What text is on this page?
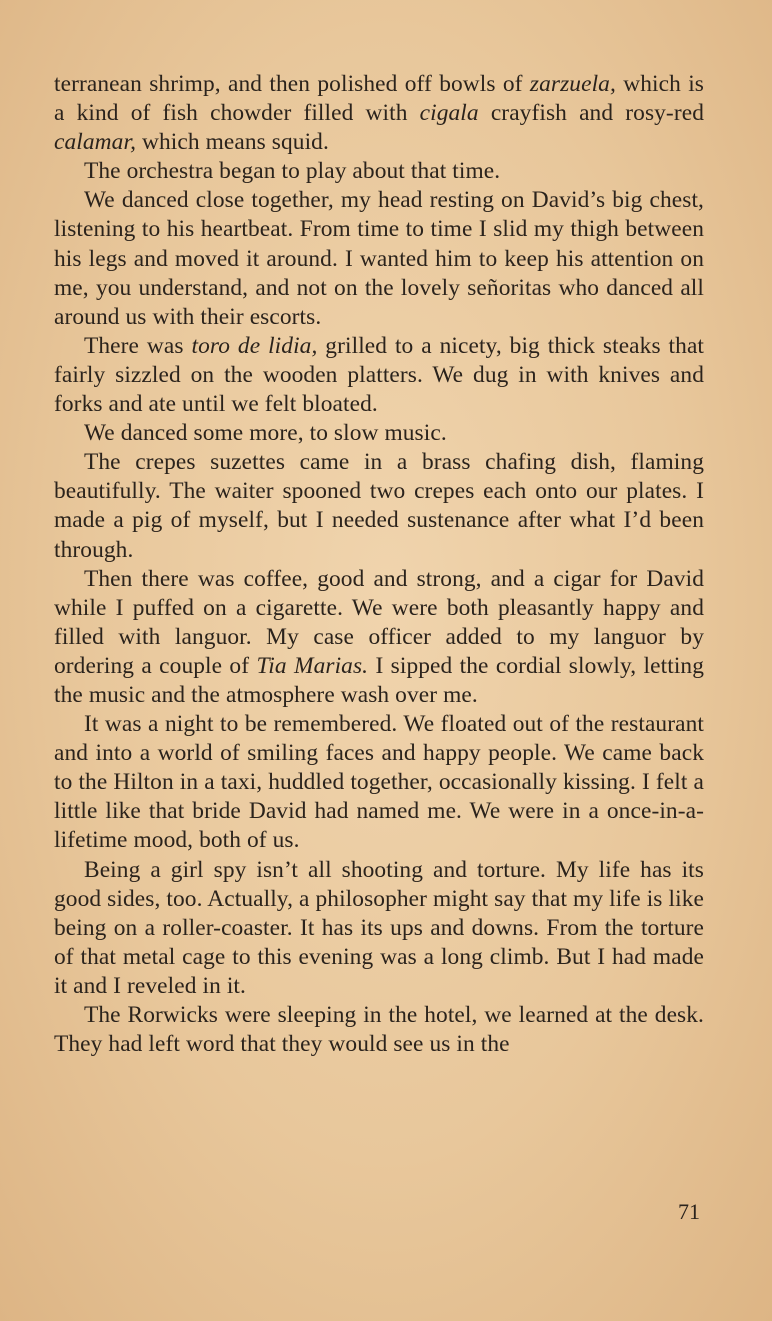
terranean shrimp, and then polished off bowls of zarzuela, which is a kind of fish chowder filled with cigala crayfish and rosy-red calamar, which means squid.

The orchestra began to play about that time.

We danced close together, my head resting on David’s big chest, listening to his heartbeat. From time to time I slid my thigh between his legs and moved it around. I wanted him to keep his attention on me, you understand, and not on the lovely señoritas who danced all around us with their escorts.

There was toro de lidia, grilled to a nicety, big thick steaks that fairly sizzled on the wooden platters. We dug in with knives and forks and ate until we felt bloated.

We danced some more, to slow music.

The crepes suzettes came in a brass chafing dish, flaming beautifully. The waiter spooned two crepes each onto our plates. I made a pig of myself, but I needed sustenance after what I’d been through.

Then there was coffee, good and strong, and a cigar for David while I puffed on a cigarette. We were both pleasantly happy and filled with languor. My case officer added to my languor by ordering a couple of Tia Marias. I sipped the cordial slowly, letting the music and the atmosphere wash over me.

It was a night to be remembered. We floated out of the restaurant and into a world of smiling faces and happy people. We came back to the Hilton in a taxi, huddled together, occasionally kissing. I felt a little like that bride David had named me. We were in a once-in-a-lifetime mood, both of us.

Being a girl spy isn’t all shooting and torture. My life has its good sides, too. Actually, a philosopher might say that my life is like being on a roller-coaster. It has its ups and downs. From the torture of that metal cage to this evening was a long climb. But I had made it and I reveled in it.

The Rorwicks were sleeping in the hotel, we learned at the desk. They had left word that they would see us in the

71
